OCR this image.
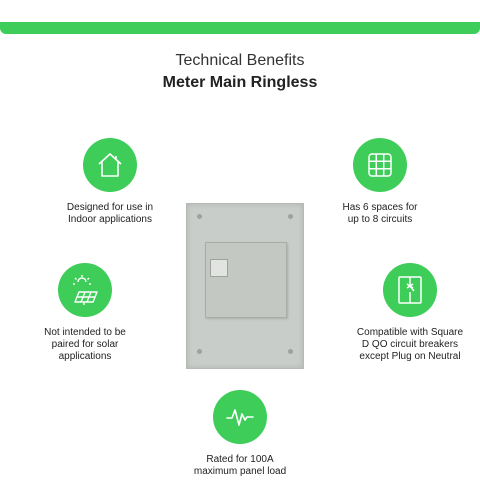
Technical Benefits
Meter Main Ringless
Designed for use in
Indoor applications
Has 6 spaces for
up to 8 circuits
Not intended to be
paired for solar
applications
Compatible with Square
D QO circuit breakers
except Plug on Neutral
Rated for 100A
maximum panel load
